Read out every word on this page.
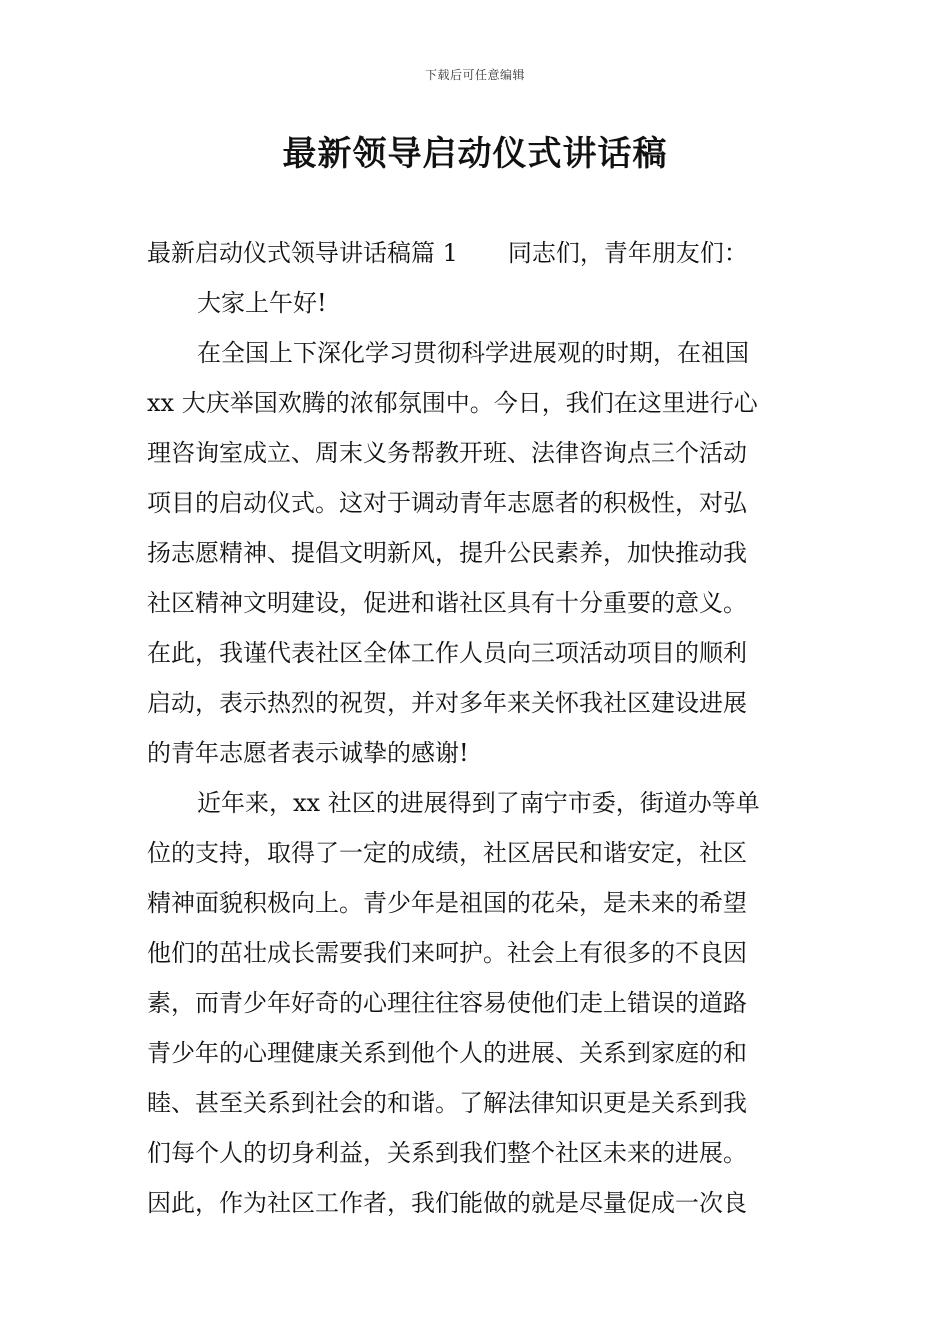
下载后可任意编辑
最新领导启动仪式讲话稿
最新启动仪式领导讲话稿篇 1 同志们，青年朋友们：
大家上午好!
在全国上下深化学习贯彻科学进展观的时期，在祖国
xx 大庆举国欢腾的浓郁氛围中。今日，我们在这里进行心
理咨询室成立、周末义务帮教开班、法律咨询点三个活动
项目的启动仪式。这对于调动青年志愿者的积极性，对弘
扬志愿精神、提倡文明新风，提升公民素养，加快推动我
社区精神文明建设，促进和谐社区具有十分重要的意义。
在此，我谨代表社区全体工作人员向三项活动项目的顺利
启动，表示热烈的祝贺，并对多年来关怀我社区建设进展
的青年志愿者表示诚挚的感谢!
近年来，xx 社区的进展得到了南宁市委，街道办等单
位的支持，取得了一定的成绩，社区居民和谐安定，社区
精神面貌积极向上。青少年是祖国的花朵，是未来的希望
他们的茁壮成长需要我们来呵护。社会上有很多的不良因
素，而青少年好奇的心理往往容易使他们走上错误的道路
青少年的心理健康关系到他个人的进展、关系到家庭的和
睦、甚至关系到社会的和谐。了解法律知识更是关系到我
们每个人的切身利益，关系到我们整个社区未来的进展。
因此，作为社区工作者，我们能做的就是尽量促成一次良
